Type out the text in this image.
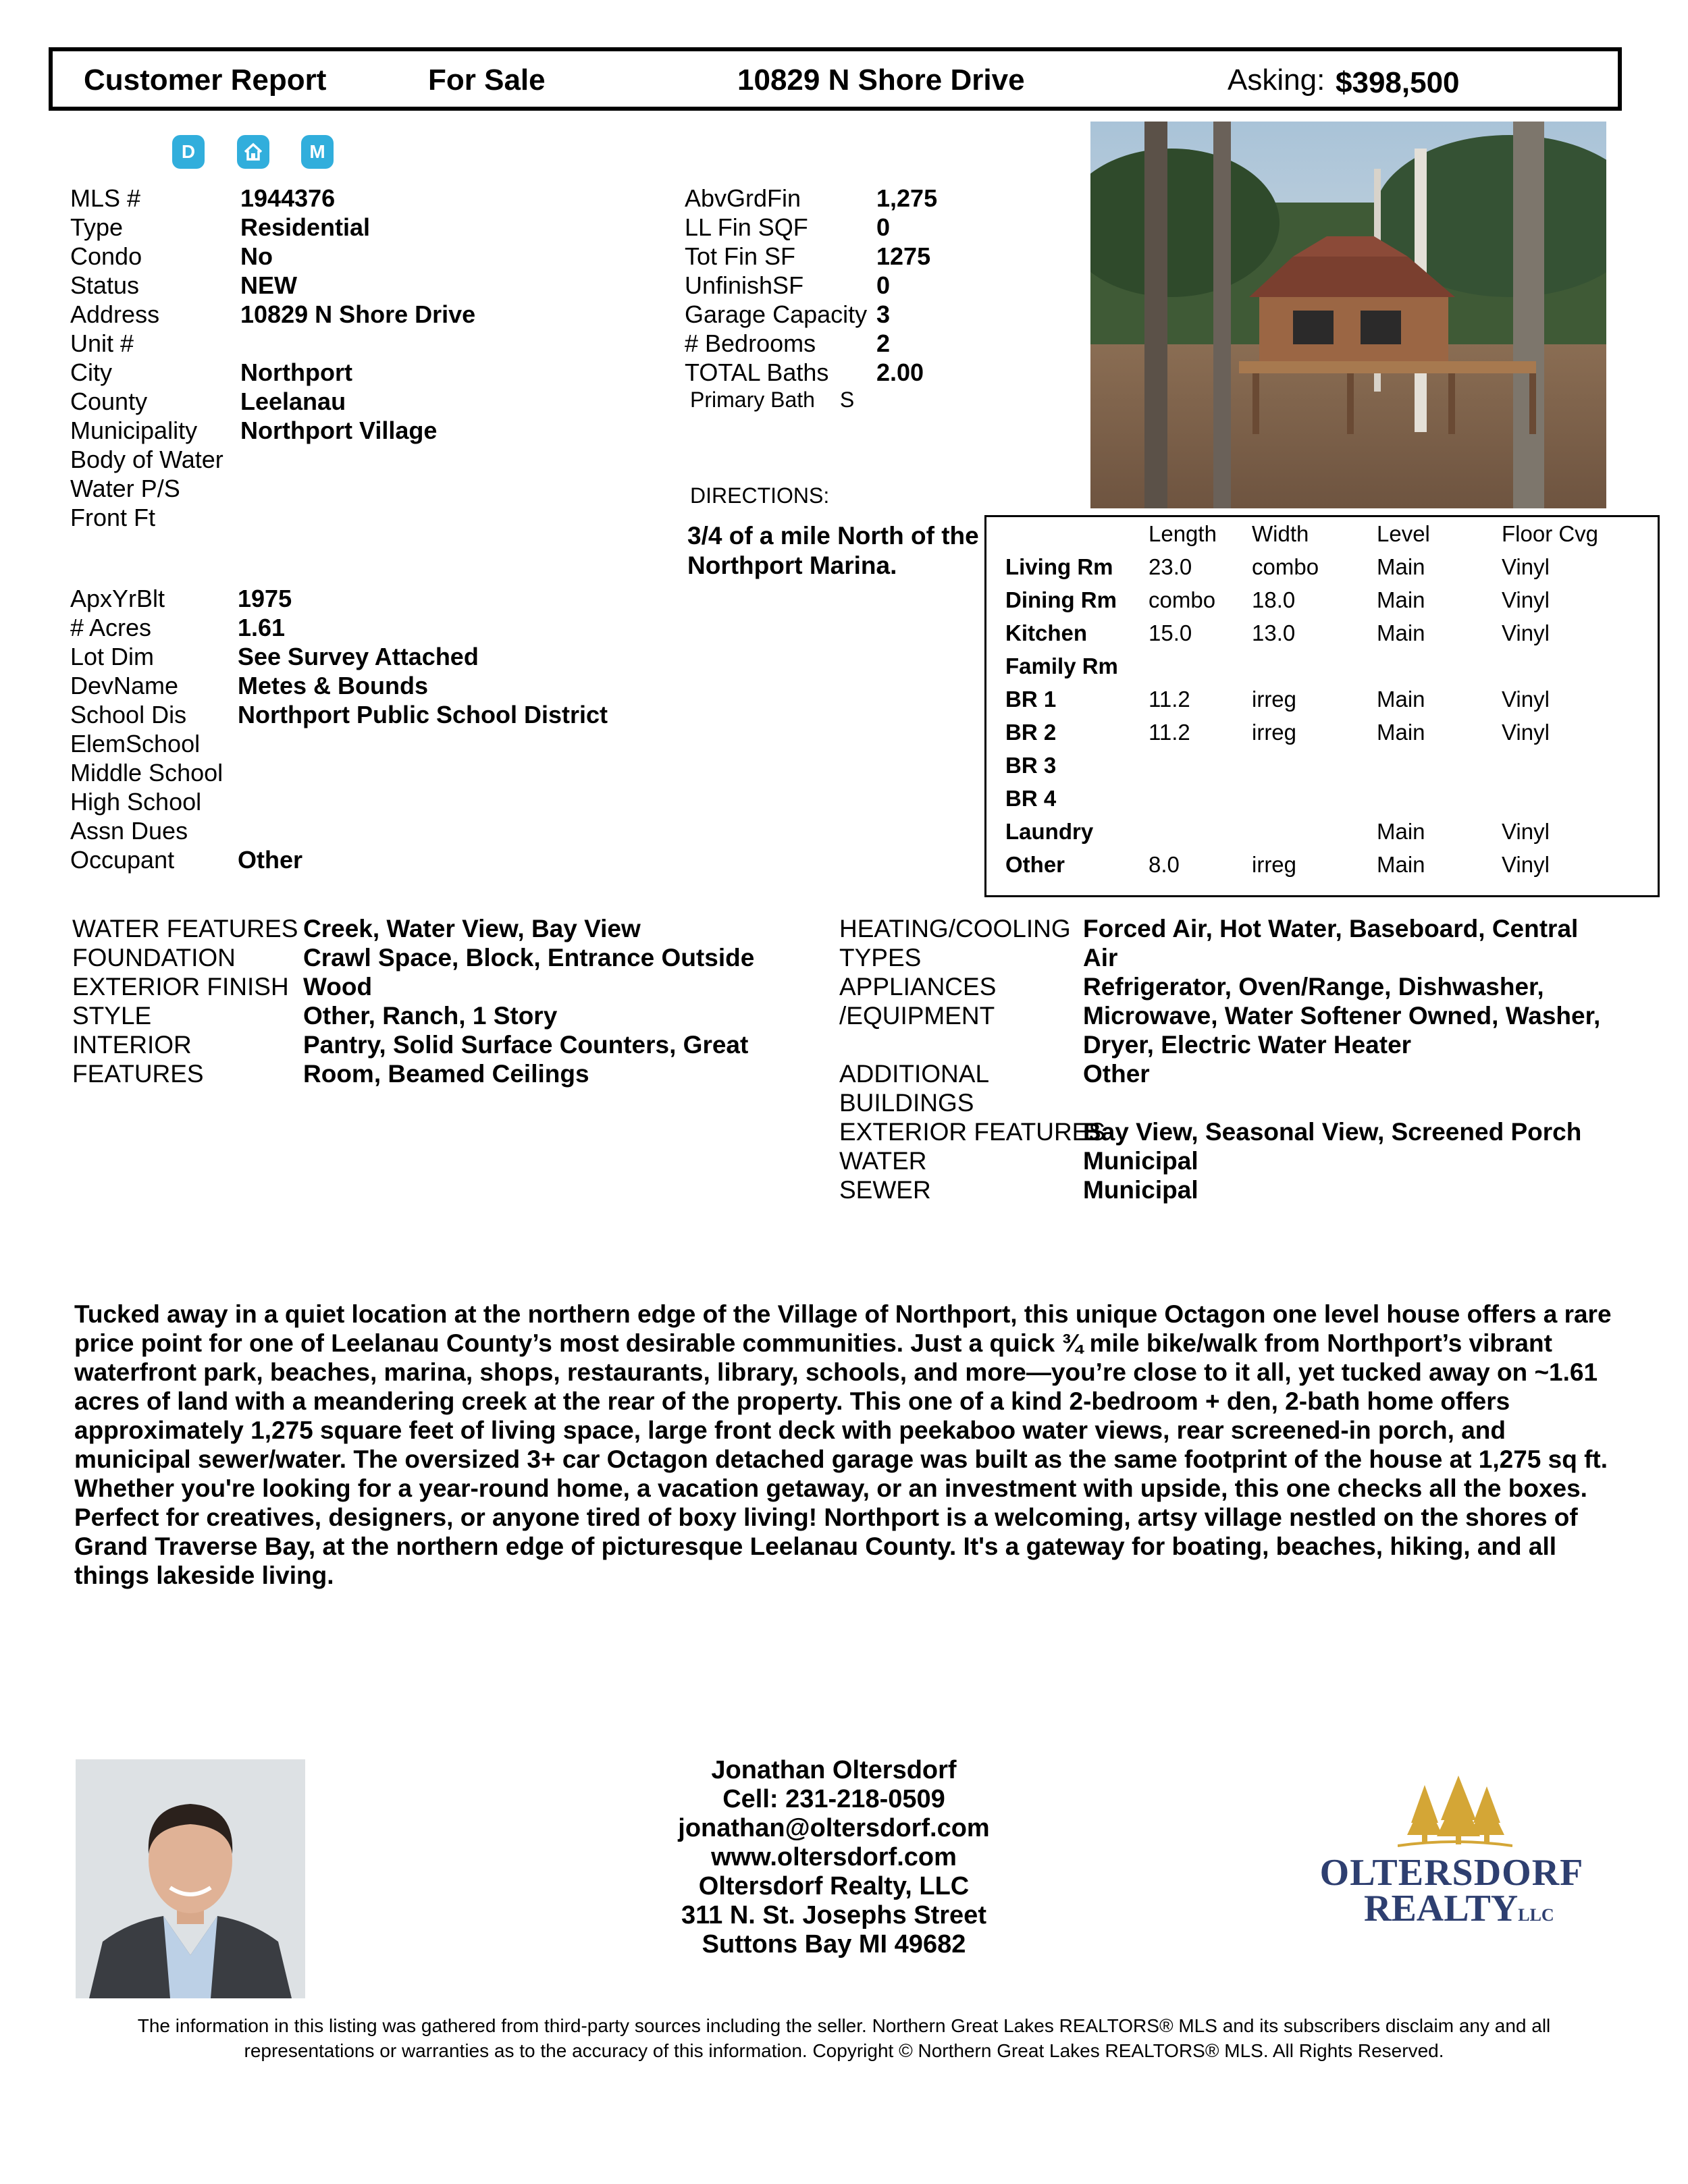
Customer Report	For Sale	10829 N Shore Drive	Asking: $398,500
D	M
MLS #	1944376
Type	Residential
Condo	No
Status	NEW
Address	10829 N Shore Drive
Unit #
City	Northport
County	Leelanau
Municipality Northport Village
Body of Water
Water P/S
Front Ft
ApxYrBlt	1975
# Acres	1.61
Lot Dim	See Survey Attached
DevName Metes & Bounds
School Dis Northport Public School District
ElemSchool
Middle School
High School
Assn Dues
Occupant	Other
AbvGrdFin	1,275
LL Fin SQF	0
Tot Fin SF	1275
UnfinishSF	0
Garage Capacity 3
# Bedrooms 2
TOTAL Baths 2.00
Primary Bath S
DIRECTIONS:
3/4 of a mile North of the Northport Marina.
	Length	Width	Level	Floor Cvg
Living Rm	23.0	combo	Main	Vinyl
Dining Rm	combo	18.0	Main	Vinyl
Kitchen	15.0	13.0	Main	Vinyl
Family Rm				
BR 1	11.2	irreg	Main	Vinyl
BR 2	11.2	irreg	Main	Vinyl
BR 3				
BR 4				
Laundry			Main	Vinyl
Other	8.0	irreg	Main	Vinyl
WATER FEATURES Creek, Water View, Bay View
FOUNDATION	Crawl Space, Block, Entrance Outside
EXTERIOR FINISH Wood
STYLE	Other, Ranch, 1 Story
INTERIOR FEATURES
Pantry, Solid Surface Counters, Great Room, Beamed Ceilings
HEATING/COOLING TYPES
Forced Air, Hot Water, Baseboard, Central Air
APPLIANCES /EQUIPMENT
Refrigerator, Oven/Range, Dishwasher, Microwave, Water Softener Owned, Washer, Dryer, Electric Water Heater
ADDITIONAL BUILDINGS
Other
EXTERIOR FEATURES
Bay View, Seasonal View, Screened Porch
WATER	Municipal
SEWER	Municipal
Tucked away in a quiet location at the northern edge of the Village of Northport, this unique Octagon one level house offers a rare price point for one of Leelanau County’s most desirable communities. Just a quick ¾ mile bike/walk from Northport’s vibrant waterfront park, beaches, marina, shops, restaurants, library, schools, and more—you’re close to it all, yet tucked away on ~1.61 acres of land with a meandering creek at the rear of the property. This one of a kind 2-bedroom + den, 2-bath home offers approximately 1,275 square feet of living space, large front deck with peekaboo water views, rear screened-in porch, and municipal sewer/water. The oversized 3+ car Octagon detached garage was built as the same footprint of the house at 1,275 sq ft. Whether you're looking for a year-round home, a vacation getaway, or an investment with upside, this one checks all the boxes. Perfect for creatives, designers, or anyone tired of boxy living! Northport is a welcoming, artsy village nestled on the shores of Grand Traverse Bay, at the northern edge of picturesque Leelanau County. It's a gateway for boating, beaches, hiking, and all things lakeside living.
Jonathan Oltersdorf
Cell: 231-218-0509
jonathan@oltersdorf.com
www.oltersdorf.com
Oltersdorf Realty, LLC
311 N. St. Josephs Street
Suttons Bay MI 49682
OLTERSDORF
REALTYLLC
The information in this listing was gathered from third-party sources including the seller. Northern Great Lakes REALTORS® MLS and its subscribers disclaim any and all
representations or warranties as to the accuracy of this information. Copyright © Northern Great Lakes REALTORS® MLS. All Rights Reserved.
